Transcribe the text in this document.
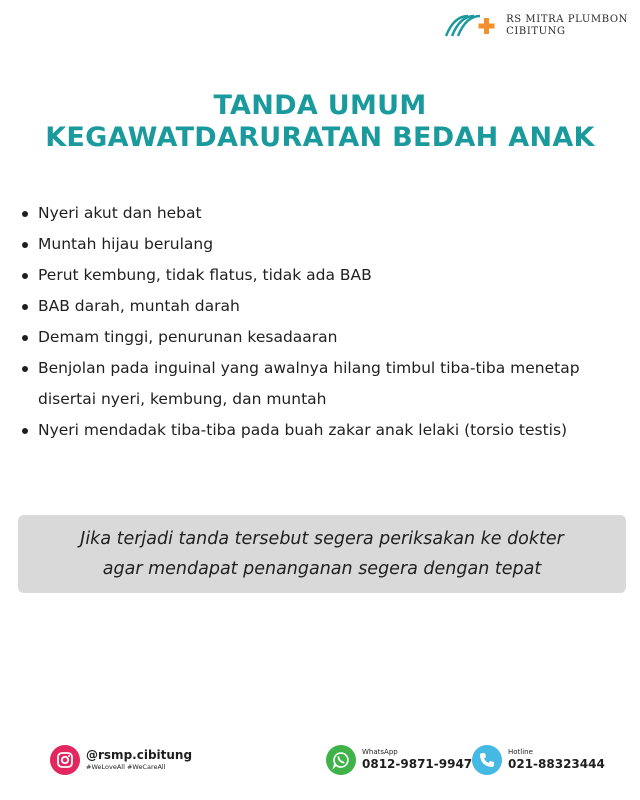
RS MITRA PLUMBON
CIBITUNG
TANDA UMUM
KEGAWATDARURATAN BEDAH ANAK
Nyeri akut dan hebat
Muntah hijau berulang
Perut kembung, tidak flatus, tidak ada BAB
BAB darah, muntah darah
Demam tinggi, penurunan kesadaaran
Benjolan pada inguinal yang awalnya hilang timbul tiba-tiba menetap disertai nyeri, kembung, dan muntah
Nyeri mendadak tiba-tiba pada buah zakar anak lelaki (torsio testis)

Jika terjadi tanda tersebut segera periksakan ke dokter
agar mendapat penanganan segera dengan tepat

@rsmp.cibitung
#WeLoveAll #WeCareAll
WhatsApp
0812-9871-9947
Hotline
021-88323444
